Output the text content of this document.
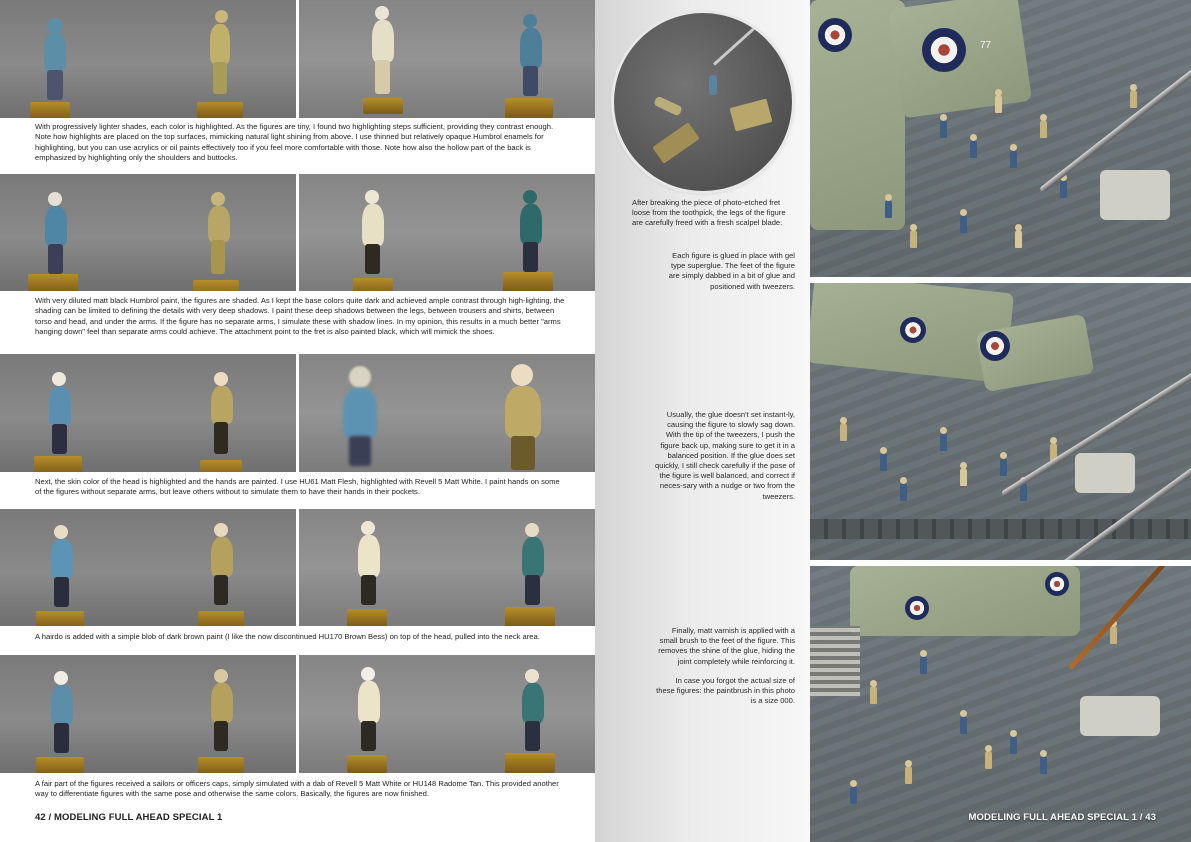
With progressively lighter shades, each color is highlighted. As the figures are tiny, I found two highlighting steps sufficient, providing they contrast enough. Note how highlights are placed on the top surfaces, mimicking natural light shining from above. I use thinned but relatively opaque Humbrol enamels for highlighting, but you can use acrylics or oil paints effectively too if you feel more comfortable with those. Note how also the hollow part of the back is emphasized by highlighting only the shoulders and buttocks.
With very diluted matt black Humbrol paint, the figures are shaded. As I kept the base colors quite dark and achieved ample contrast through high-lighting, the shading can be limited to defining the details with very deep shadows. I paint these deep shadows between the legs, between trousers and shirts, between torso and head, and under the arms. If the figure has no separate arms, I simulate these with shadow lines. In my opinion, this results in a much better "arms hanging down" feel than separate arms could achieve. The attachment point to the fret is also painted black, which will mimick the shoes.
Next, the skin color of the head is highlighted and the hands are painted. I use HU61 Matt Flesh, highlighted with Revell 5 Matt White. I paint hands on some of the figures without separate arms, but leave others without to simulate them to have their hands in their pockets.
A hairdo is added with a simple blob of dark brown paint (I like the now discontinued HU170 Brown Bess) on top of the head, pulled into the neck area.
A fair part of the figures received a sailors or officers caps, simply simulated with a dab of Revell 5 Matt White or HU148 Radome Tan. This provided another way to differentiate figures with the same pose and otherwise the same colors. Basically, the figures are now finished.
42 / MODELING FULL AHEAD SPECIAL 1
After breaking the piece of photo-etched fret loose from the toothpick, the legs of the figure are carefully freed with a fresh scalpel blade.
Each figure is glued in place with gel type superglue. The feet of the figure are simply dabbed in a bit of glue and positioned with tweezers.
Usually, the glue doesn't set instant-ly, causing the figure to slowly sag down. With the tip of the tweezers, I push the figure back up, making sure to get it in a balanced position. If the glue does set quickly, I still check carefully if the pose of the figure is well balanced, and correct if neces-sary with a nudge or two from the tweezers.
Finally, matt varnish is applied with a small brush to the feet of the figure. This removes the shine of the glue, hiding the joint completely while reinforcing it.
In case you forgot the actual size of these figures: the paintbrush in this photo is a size 000.
77
MODELING FULL AHEAD SPECIAL 1 / 43
